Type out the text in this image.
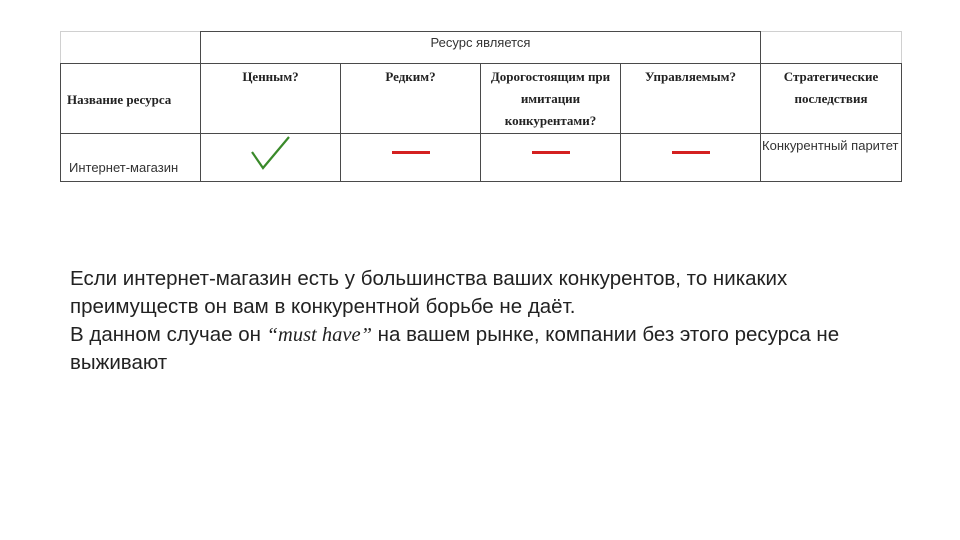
	Ресурс является				
Название ресурса	Ценным?	Редким?	Дорогостоящим при имитации конкурентами?	Управляемым?	Стратегические последствия
Интернет-магазин					Конкурентный паритет

Если интернет-магазин есть у большинства ваших конкурентов, то никаких преимуществ он вам в конкурентной борьбе не даёт.

В данном случае он “must have” на вашем рынке, компании без этого ресурса не выживают
